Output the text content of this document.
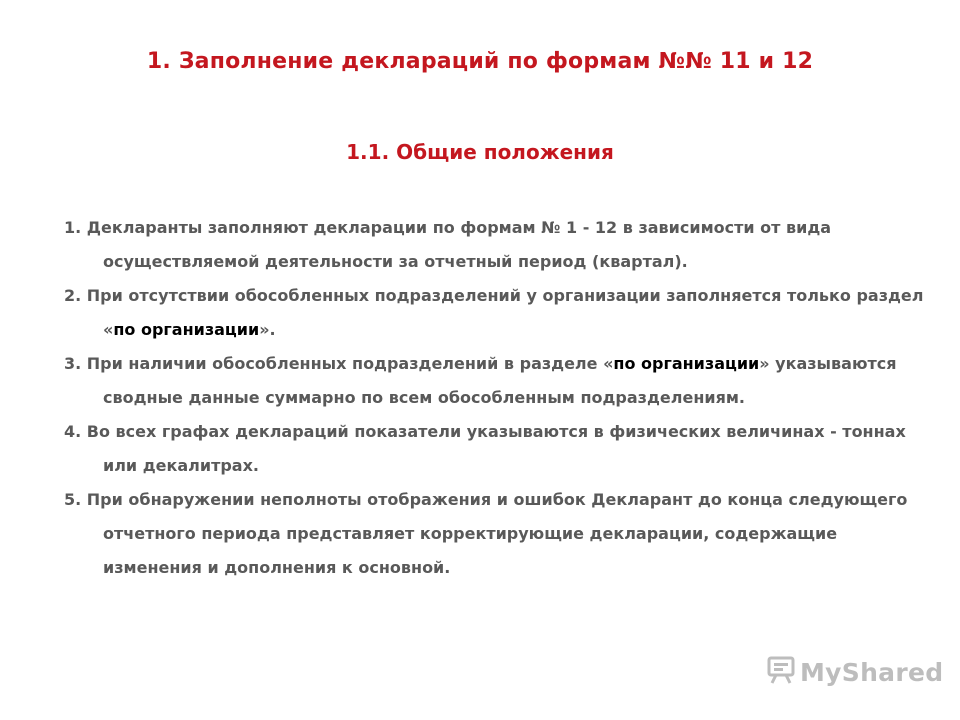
1. Заполнение деклараций по формам №№ 11 и 12
1.1. Общие положения
1. Декларанты заполняют декларации по формам № 1 - 12 в зависимости от вида осуществляемой деятельности за отчетный период (квартал).
2. При отсутствии обособленных подразделений у организации заполняется только раздел «по организации».
3. При наличии обособленных подразделений в разделе «по организации» указываются сводные данные суммарно по всем обособленным подразделениям.
4. Во всех графах деклараций показатели указываются в физических величинах - тоннах или декалитрах.
5. При обнаружении неполноты отображения и ошибок Декларант до конца следующего отчетного периода представляет корректирующие декларации, содержащие изменения и дополнения к основной.
MyShared
